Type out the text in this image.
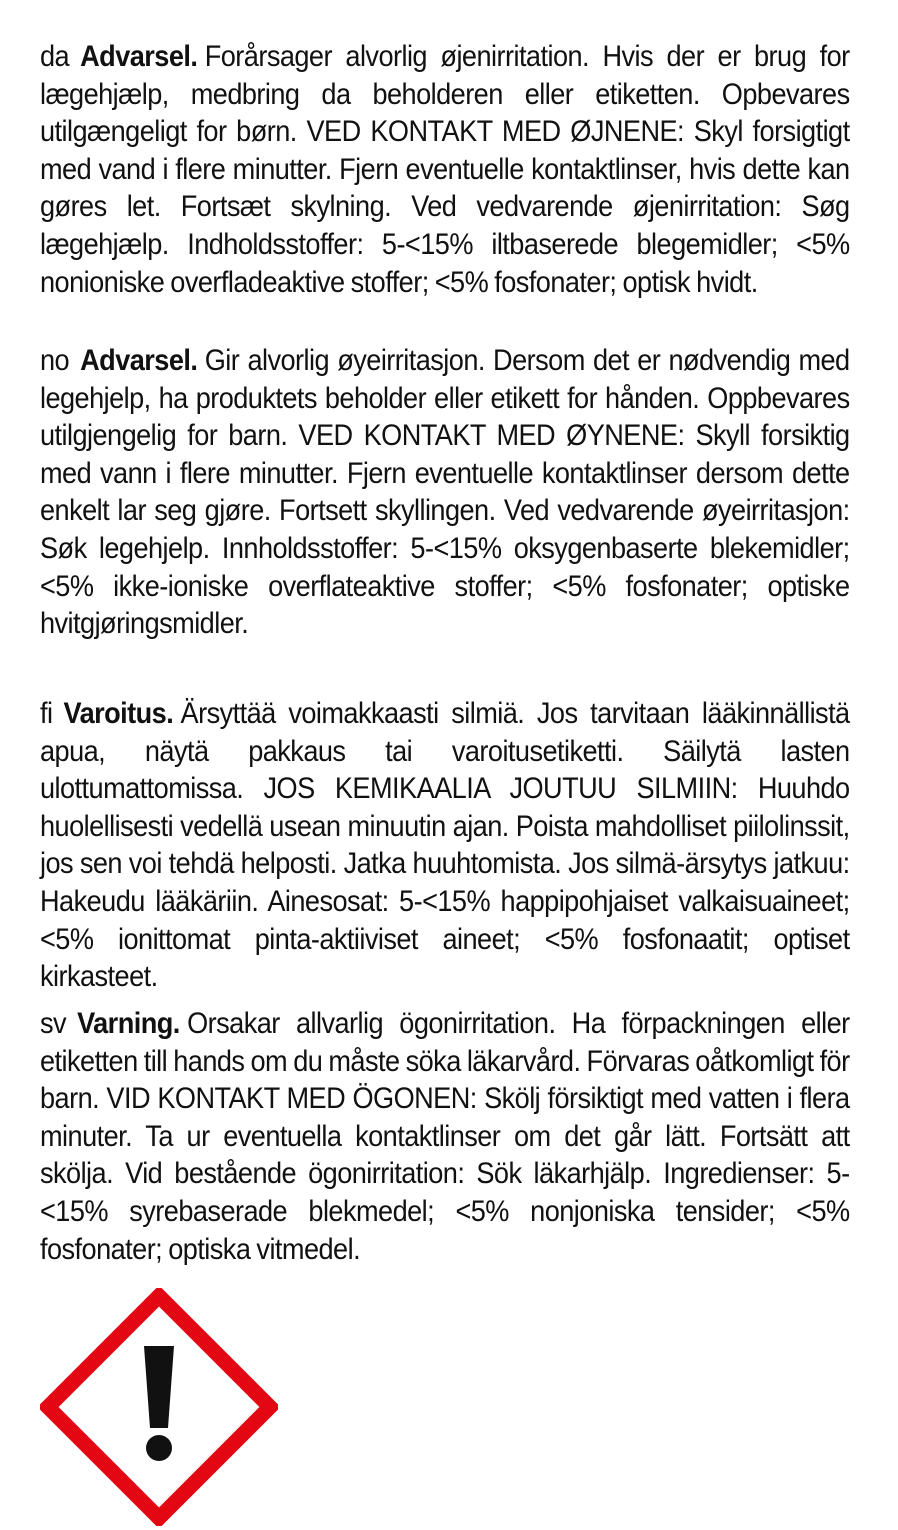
da Advarsel. Forårsager alvorlig øjenirritation. Hvis der er brug for lægehjælp, medbring da beholderen eller etiketten. Opbevares utilgængeligt for børn. VED KONTAKT MED ØJNENE: Skyl forsigtigt med vand i flere minutter. Fjern eventuelle kontaktlinser, hvis dette kan gøres let. Fortsæt skylning. Ved vedvarende øjenirritation: Søg lægehjælp. Indholdsstoffer: 5-<15% iltbaserede blegemidler; <5% nonioniske overfladeaktive stoffer; <5% fosfonater; optisk hvidt.

no Advarsel. Gir alvorlig øyeirritasjon. Dersom det er nødvendig med legehjelp, ha produktets beholder eller etikett for hånden. Oppbevares utilgjengelig for barn. VED KONTAKT MED ØYNENE: Skyll forsiktig med vann i flere minutter. Fjern eventuelle kontaktlinser dersom dette enkelt lar seg gjøre. Fortsett skyllingen. Ved vedvarende øyeirritasjon: Søk legehjelp. Innholdsstoffer: 5-<15% oksygenbaserte blekemidler; <5% ikke-ioniske overflateaktive stoffer; <5% fosfonater; optiske hvitgjøringsmidler.

fi Varoitus. Ärsyttää voimakkaasti silmiä. Jos tarvitaan lääkinnällistä apua, näytä pakkaus tai varoitusetiketti. Säilytä lasten ulottumattomissa. JOS KEMIKAALIA JOUTUU SILMIIN: Huuhdo huolellisesti vedellä usean minuutin ajan. Poista mahdolliset piilolinssit, jos sen voi tehdä helposti. Jatka huuhtomista. Jos silmä-ärsytys jatkuu: Hakeudu lääkäriin. Ainesosat: 5-<15% happipohjaiset valkaisuaineet; <5% ionittomat pinta-aktiiviset aineet; <5% fosfonaatit; optiset kirkasteet.

sv Varning. Orsakar allvarlig ögonirritation. Ha förpackningen eller etiketten till hands om du måste söka läkarvård. Förvaras oåtkomligt för barn. VID KONTAKT MED ÖGONEN: Skölj försiktigt med vatten i flera minuter. Ta ur eventuella kontaktlinser om det går lätt. Fortsätt att skölja. Vid bestående ögonirritation: Sök läkarhjälp. Ingredienser: 5-<15% syrebaserade blekmedel; <5% nonjoniska tensider; <5% fosfonater; optiska vitmedel.
